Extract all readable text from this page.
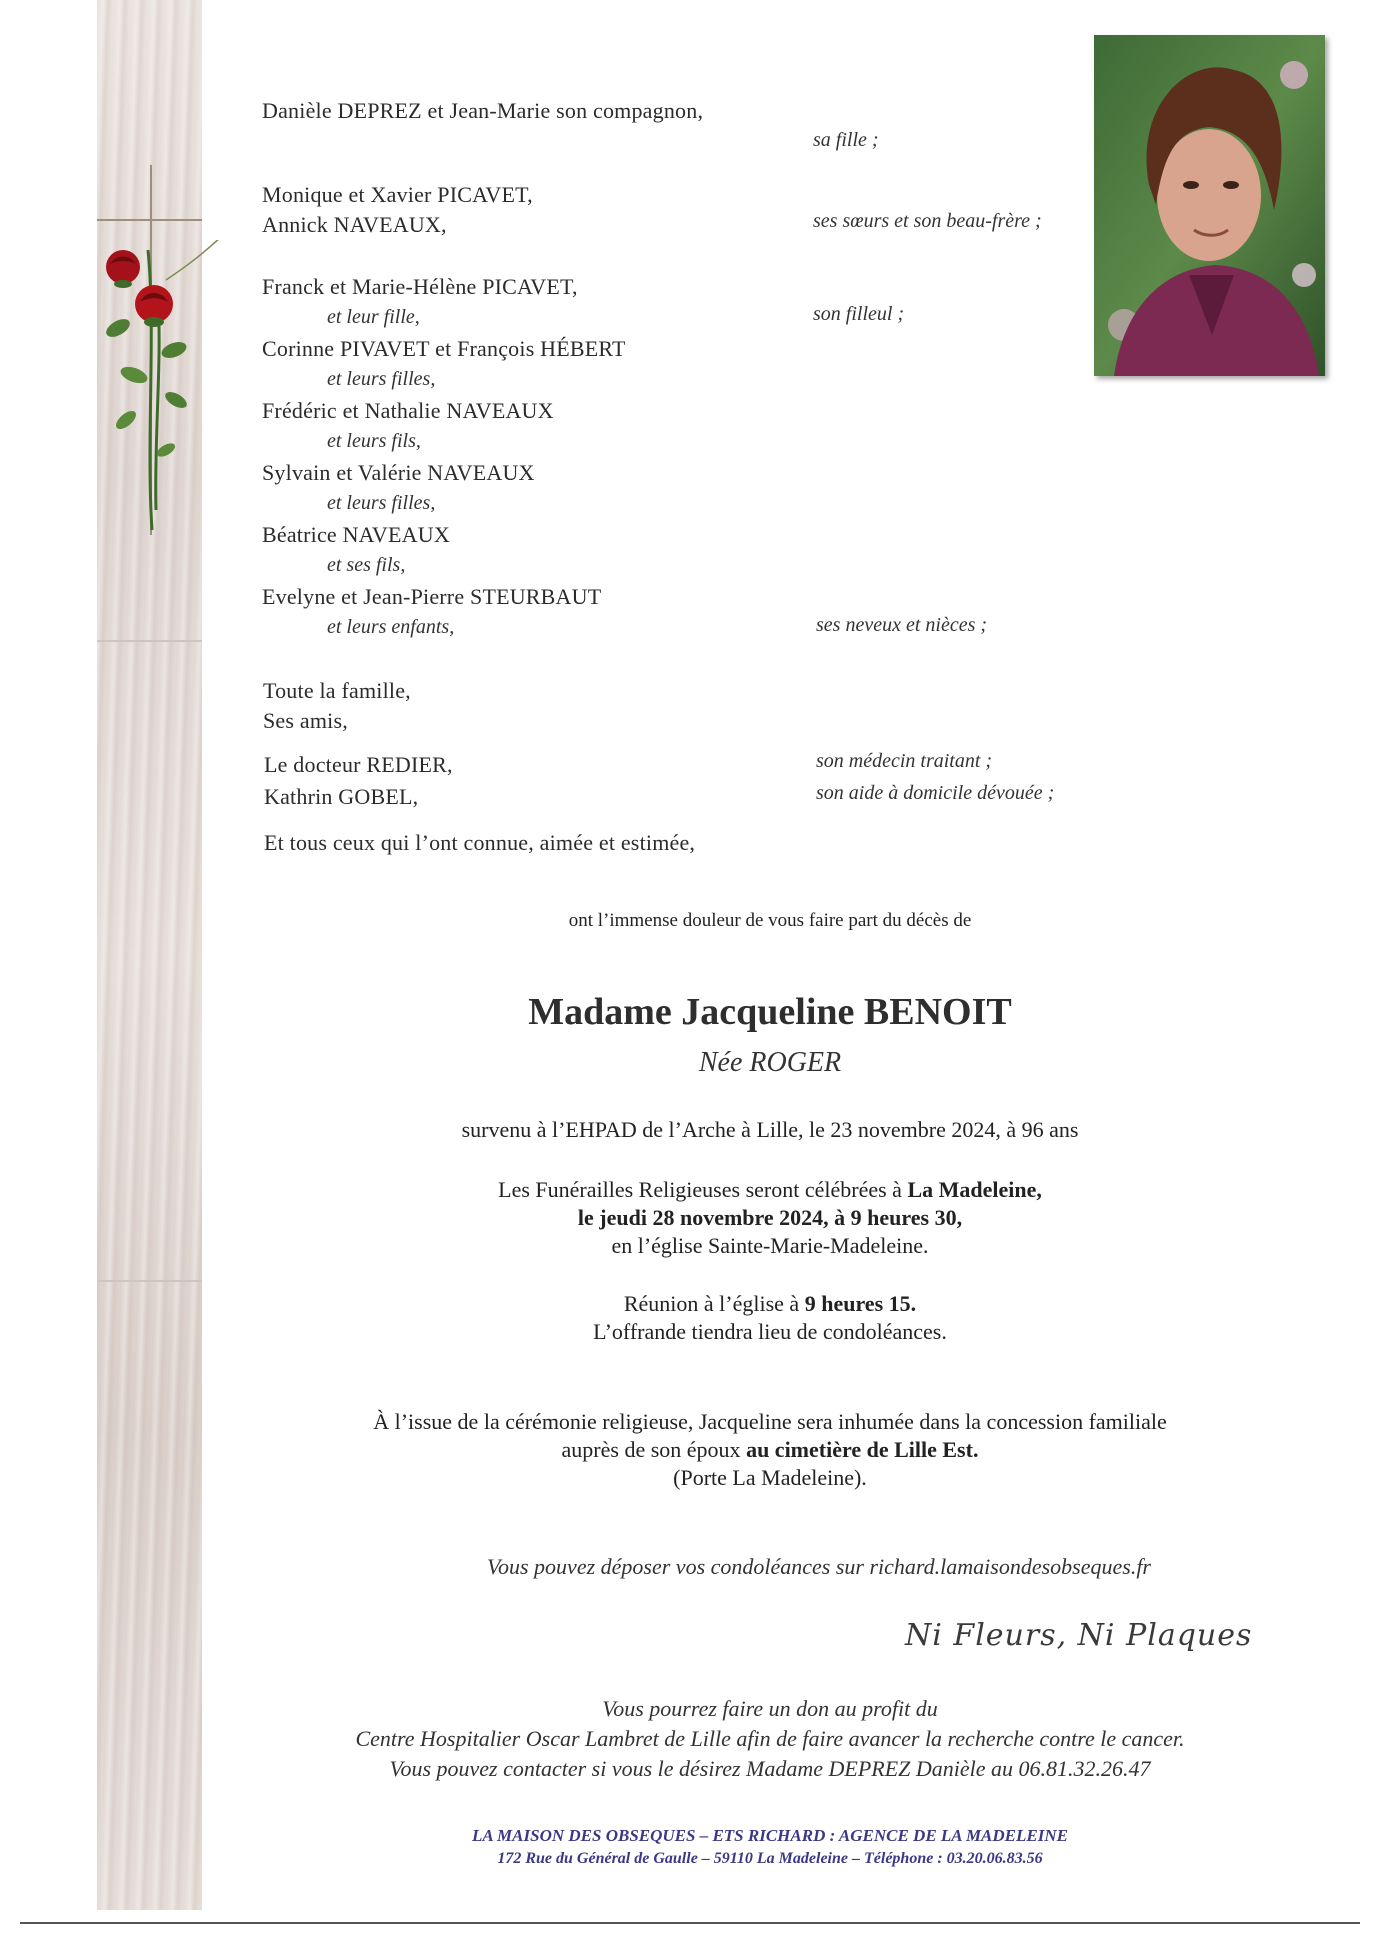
Danièle DEPREZ et Jean-Marie son compagnon,
sa fille ;
Monique et Xavier PICAVET,
Annick NAVEAUX,	ses sœurs et son beau-frère ;
Franck et Marie-Hélène PICAVET,
et leur fille,	son filleul ;
Corinne PIVAVET et François HÉBERT
et leurs filles,
Frédéric et Nathalie NAVEAUX
et leurs fils,
Sylvain et Valérie NAVEAUX
et leurs filles,
Béatrice NAVEAUX
et ses fils,
Evelyne et Jean-Pierre STEURBAUT
et leurs enfants,	ses neveux et nièces ;
Toute la famille,
Ses amis,
Le docteur REDIER,	son médecin traitant ;
Kathrin GOBEL,	son aide à domicile dévouée ;
Et tous ceux qui l’ont connue, aimée et estimée,
ont l’immense douleur de vous faire part du décès de
Madame Jacqueline BENOIT
Née ROGER
survenu à l’EHPAD de l’Arche à Lille, le 23 novembre 2024, à 96 ans
Les Funérailles Religieuses seront célébrées à La Madeleine,
le jeudi 28 novembre 2024, à 9 heures 30,
en l’église Sainte-Marie-Madeleine.
Réunion à l’église à 9 heures 15.
L’offrande tiendra lieu de condoléances.
À l’issue de la cérémonie religieuse, Jacqueline sera inhumée dans la concession familiale
auprès de son époux au cimetière de Lille Est.
(Porte La Madeleine).
Vous pouvez déposer vos condoléances sur richard.lamaisondesobseques.fr
Ni Fleurs, Ni Plaques
Vous pourrez faire un don au profit du
Centre Hospitalier Oscar Lambret de Lille afin de faire avancer la recherche contre le cancer.
Vous pouvez contacter si vous le désirez Madame DEPREZ Danièle au 06.81.32.26.47
LA MAISON DES OBSEQUES – ETS RICHARD : AGENCE DE LA MADELEINE
172 Rue du Général de Gaulle – 59110 La Madeleine – Téléphone : 03.20.06.83.56
